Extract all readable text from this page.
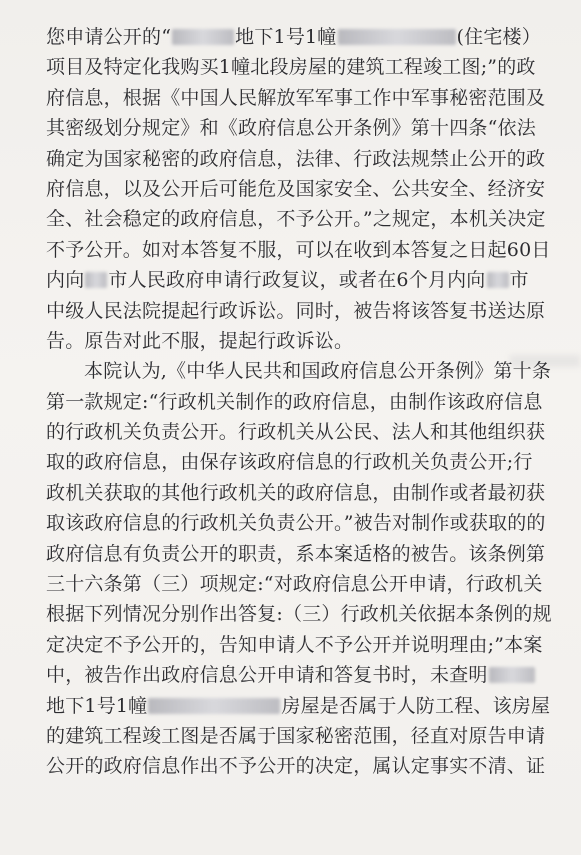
您申请公开的“	地下1号1幢	(住宅楼）
项目及特定化我购买1幢北段房屋的建筑工程竣工图;”的政
府信息，根据《中国人民解放军军事工作中军事秘密范围及
其密级划分规定》和《政府信息公开条例》第十四条“依法
确定为国家秘密的政府信息，法律、行政法规禁止公开的政
府信息，以及公开后可能危及国家安全、公共安全、经济安
全、社会稳定的政府信息，不予公开。”之规定，本机关决定
不予公开。如对本答复不服，可以在收到本答复之日起60日
内向 市人民政府申请行政复议，或者在6个月内向 市
中级人民法院提起行政诉讼。同时，被告将该答复书送达原
告。原告对此不服，提起行政诉讼。
本院认为,《中华人民共和国政府信息公开条例》第十条
第一款规定:“行政机关制作的政府信息，由制作该政府信息
的行政机关负责公开。行政机关从公民、法人和其他组织获
取的政府信息，由保存该政府信息的行政机关负责公开;行
政机关获取的其他行政机关的政府信息，由制作或者最初获
取该政府信息的行政机关负责公开。”被告对制作或获取的的
政府信息有负责公开的职责，系本案适格的被告。该条例第
三十六条第（三）项规定:“对政府信息公开申请，行政机关
根据下列情况分别作出答复:（三）行政机关依据本条例的规
定决定不予公开的，告知申请人不予公开并说明理由;”本案
中，被告作出政府信息公开申请和答复书时，未查明
地下1号1幢	房屋是否属于人防工程、该房屋
的建筑工程竣工图是否属于国家秘密范围，径直对原告申请
公开的政府信息作出不予公开的决定，属认定事实不清、证
